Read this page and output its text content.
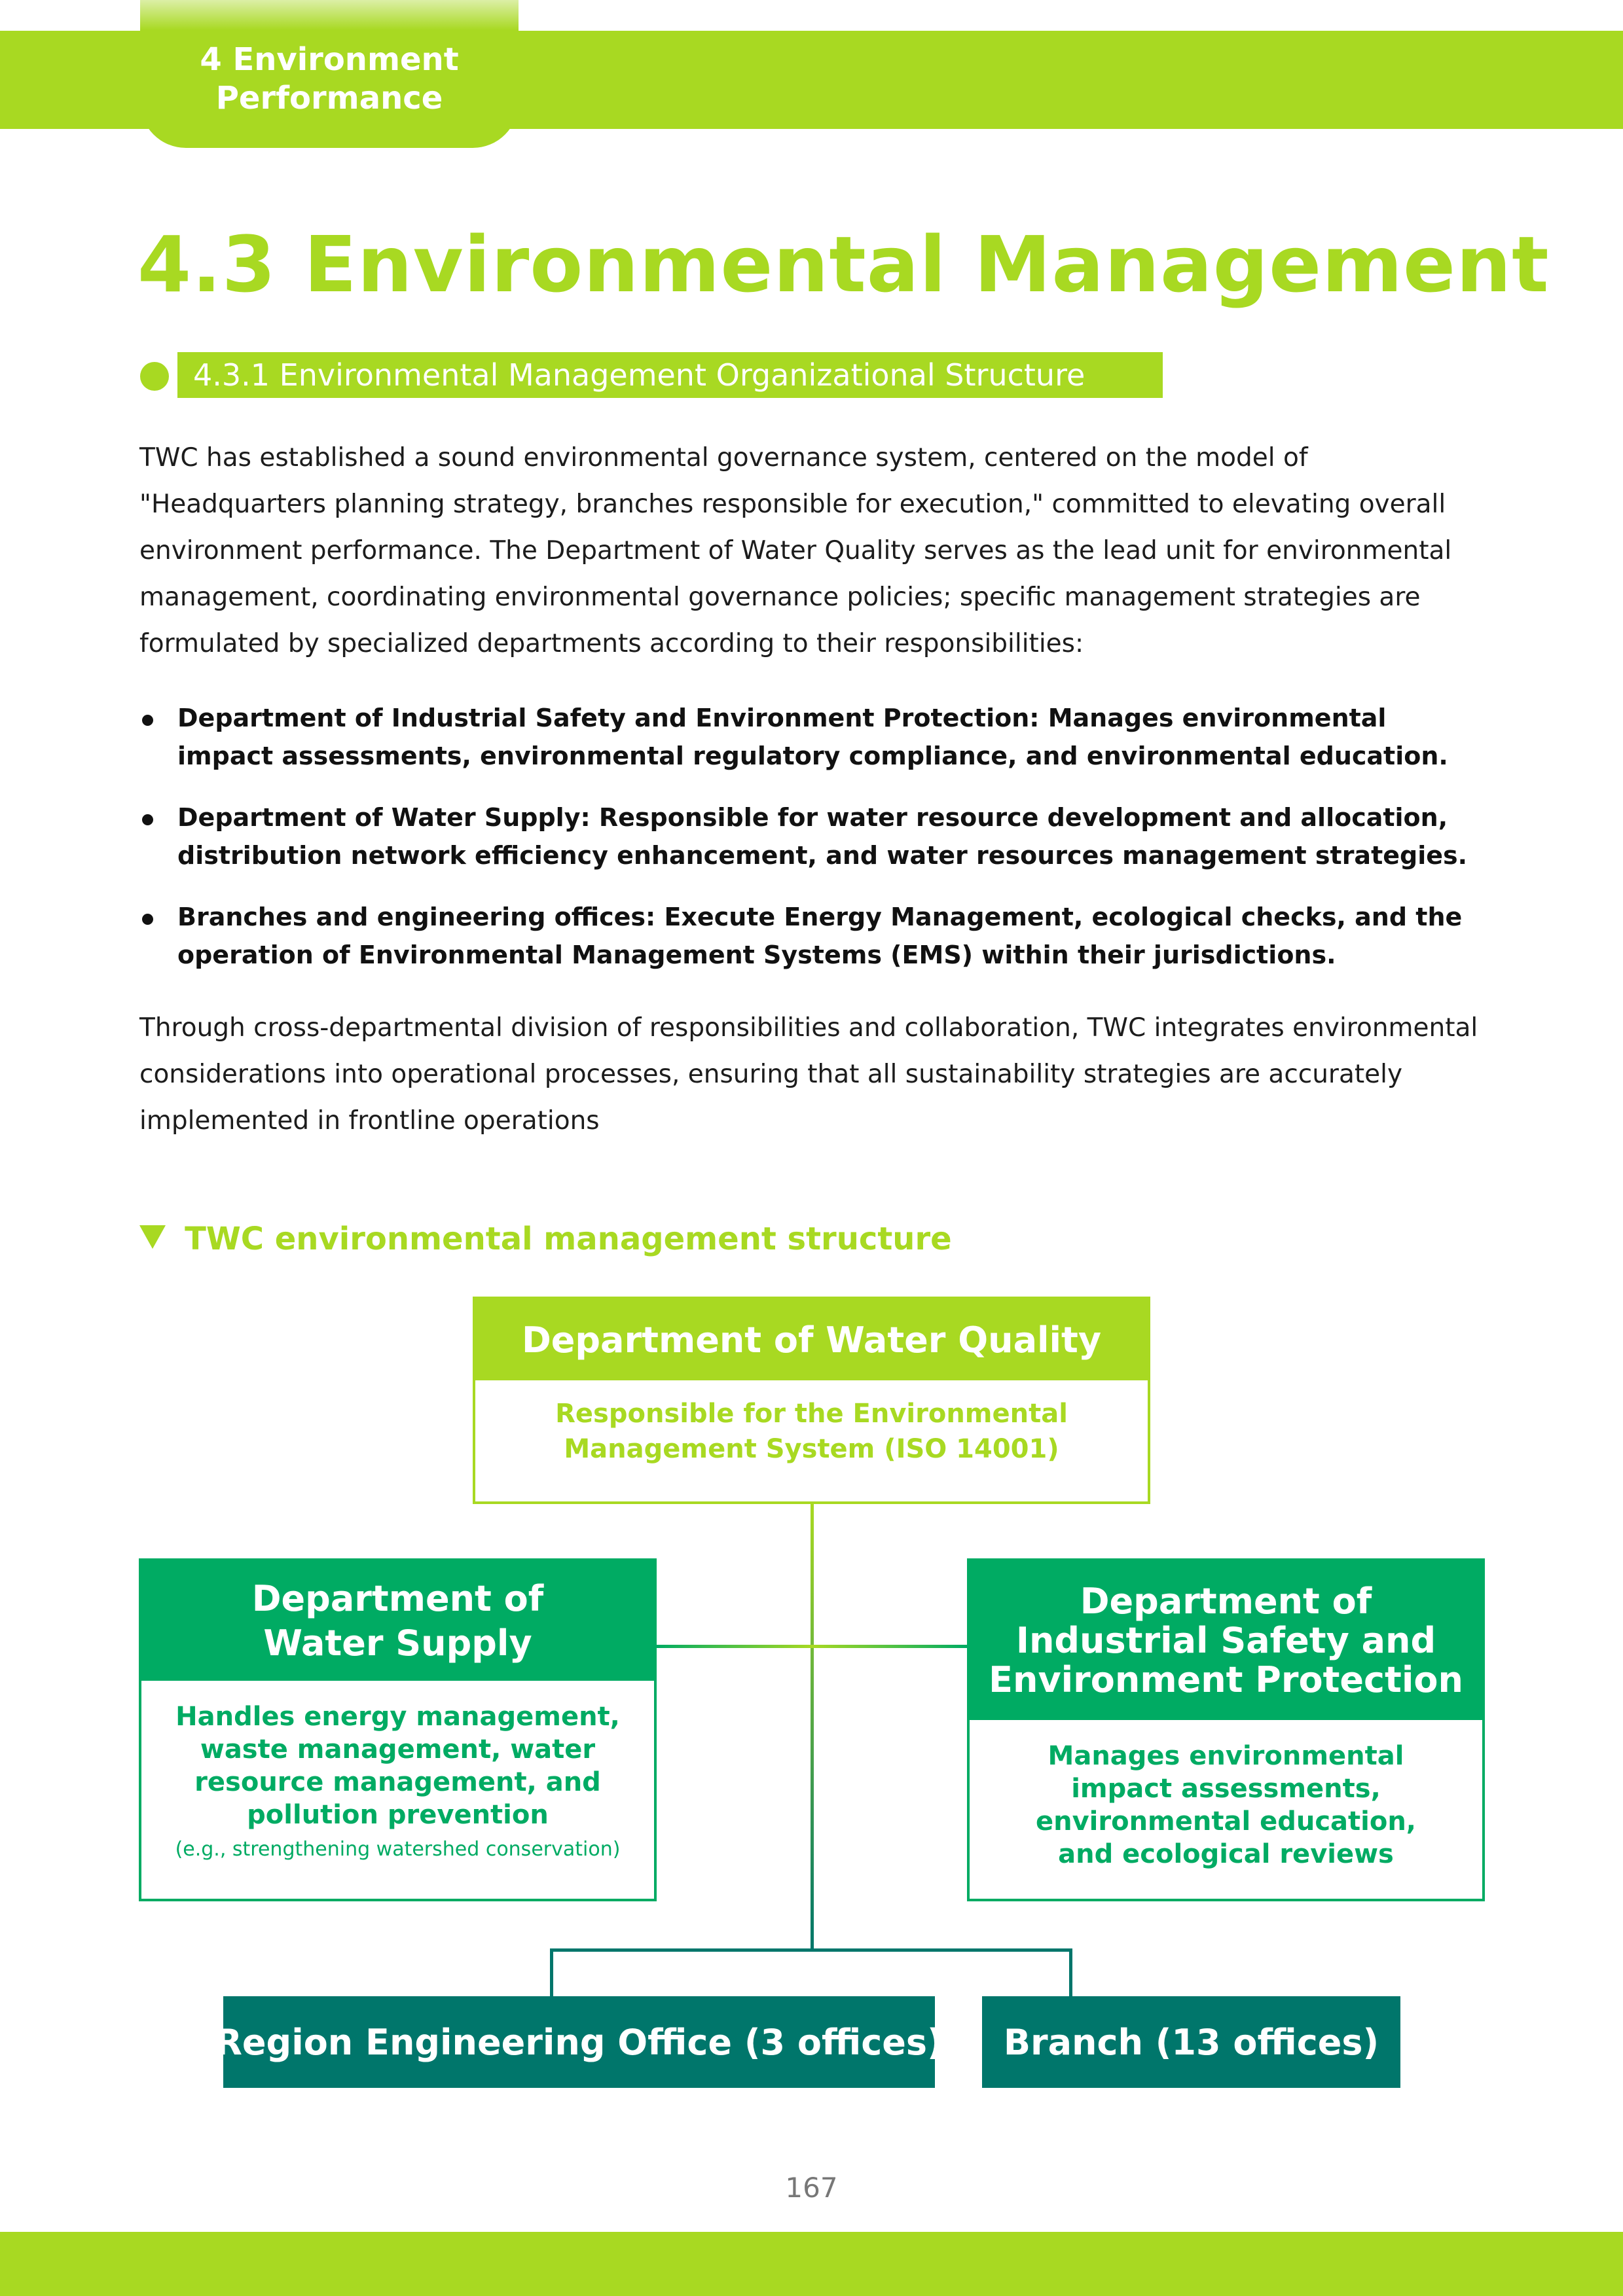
4 Environment
Performance
4.3 Environmental Management
4.3.1 Environmental Management Organizational Structure

TWC has established a sound environmental governance system, centered on the model of "Headquarters planning strategy, branches responsible for execution," committed to elevating overall environment performance. The Department of Water Quality serves as the lead unit for environmental management, coordinating environmental governance policies; specific management strategies are formulated by specialized departments according to their responsibilities:

Department of Industrial Safety and Environment Protection: Manages environmental impact assessments, environmental regulatory compliance, and environmental education.
Department of Water Supply: Responsible for water resource development and allocation, distribution network efficiency enhancement, and water resources management strategies.
Branches and engineering offices: Execute Energy Management, ecological checks, and the operation of Environmental Management Systems (EMS) within their jurisdictions.

Through cross-departmental division of responsibilities and collaboration, TWC integrates environmental considerations into operational processes, ensuring that all sustainability strategies are accurately implemented in frontline operations

TWC environmental management structure
Department of Water Quality
Responsible for the Environmental
Management System (ISO 14001)
Department of
Water Supply
Handles energy management,
waste management, water
resource management, and
pollution prevention
(e.g., strengthening watershed conservation)
Department of
Industrial Safety and
Environment Protection
Manages environmental
impact assessments,
environmental education,
and ecological reviews
Region Engineering Office (3 offices)	Branch (13 offices)
167
